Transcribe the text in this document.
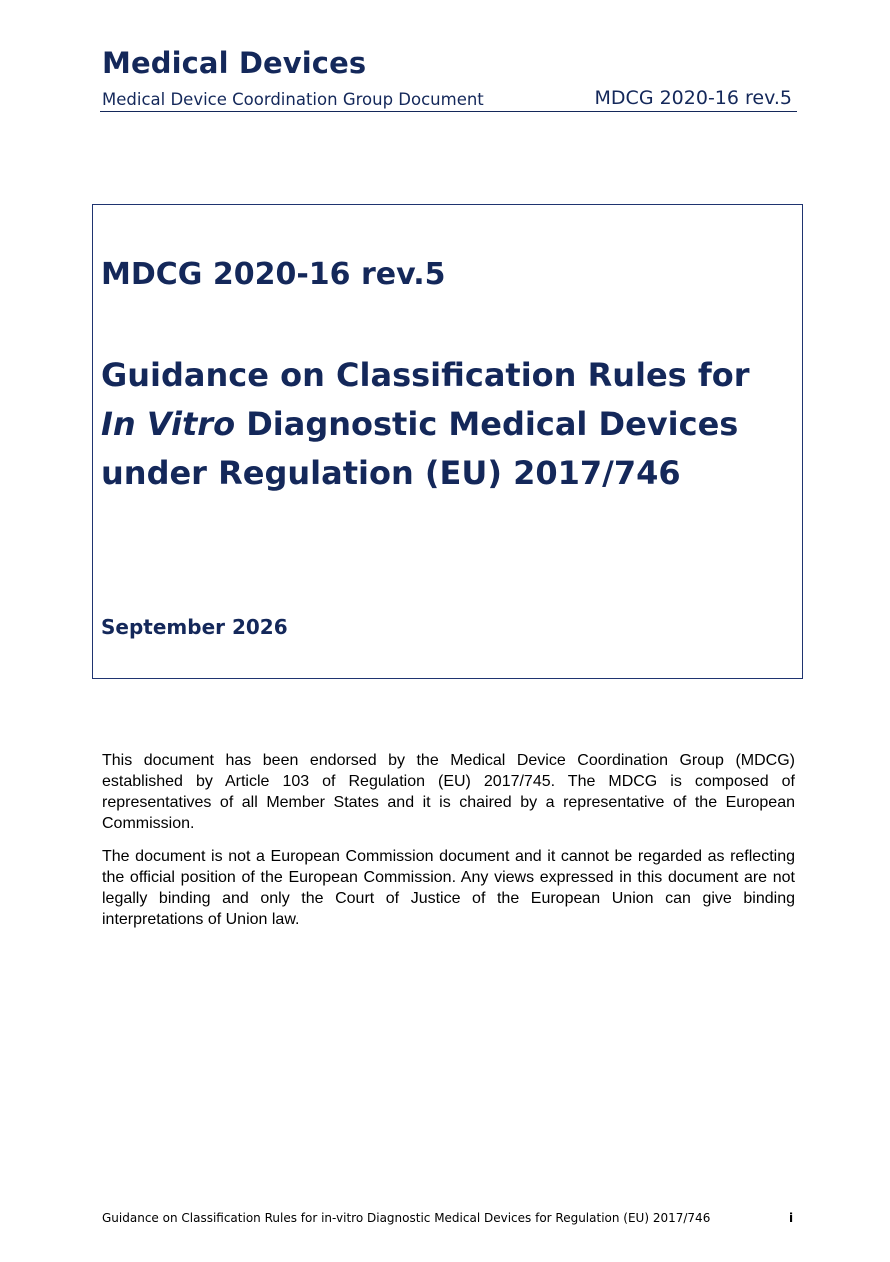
Medical Devices
Medical Device Coordination Group Document	MDCG 2020-16 rev.5
MDCG 2020-16 rev.5
Guidance on Classification Rules for In Vitro Diagnostic Medical Devices under Regulation (EU) 2017/746
September 2026

This document has been endorsed by the Medical Device Coordination Group (MDCG) established by Article 103 of Regulation (EU) 2017/745. The MDCG is composed of representatives of all Member States and it is chaired by a representative of the European Commission.

The document is not a European Commission document and it cannot be regarded as reflecting the official position of the European Commission. Any views expressed in this document are not legally binding and only the Court of Justice of the European Union can give binding interpretations of Union law.

Guidance on Classification Rules for in-vitro Diagnostic Medical Devices for Regulation (EU) 2017/746	i
